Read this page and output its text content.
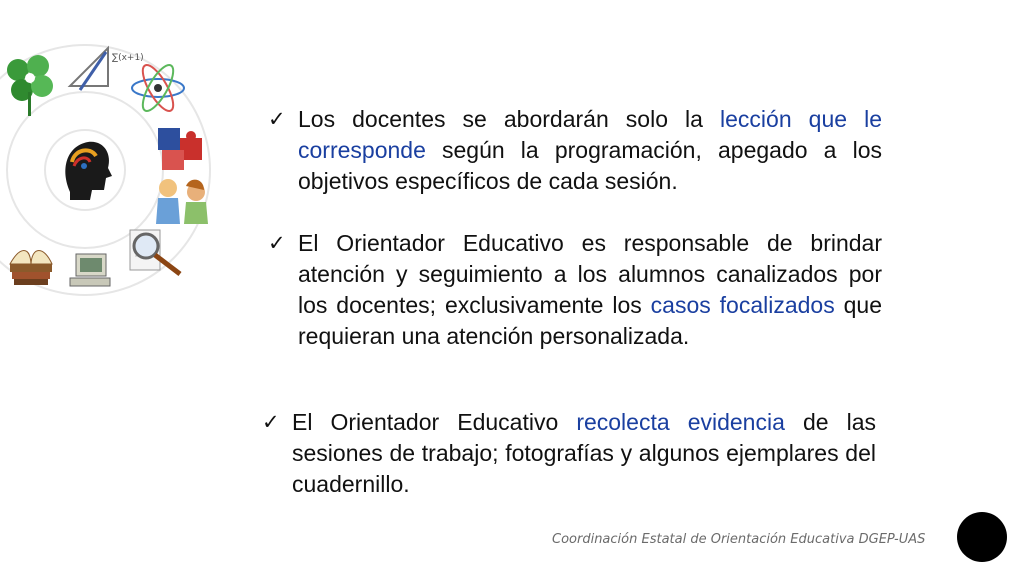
∑(x+1)
✓ Los docentes se abordarán solo la lección que le corresponde según la programación, apegado a los objetivos específicos de cada sesión.
✓ El Orientador Educativo es responsable de brindar atención y seguimiento a los alumnos canalizados por los docentes; exclusivamente los casos focalizados que requieran una atención personalizada.
✓ El Orientador Educativo recolecta evidencia de las sesiones de trabajo; fotografías y algunos ejemplares del cuadernillo.
Coordinación Estatal de Orientación Educativa DGEP-UAS
